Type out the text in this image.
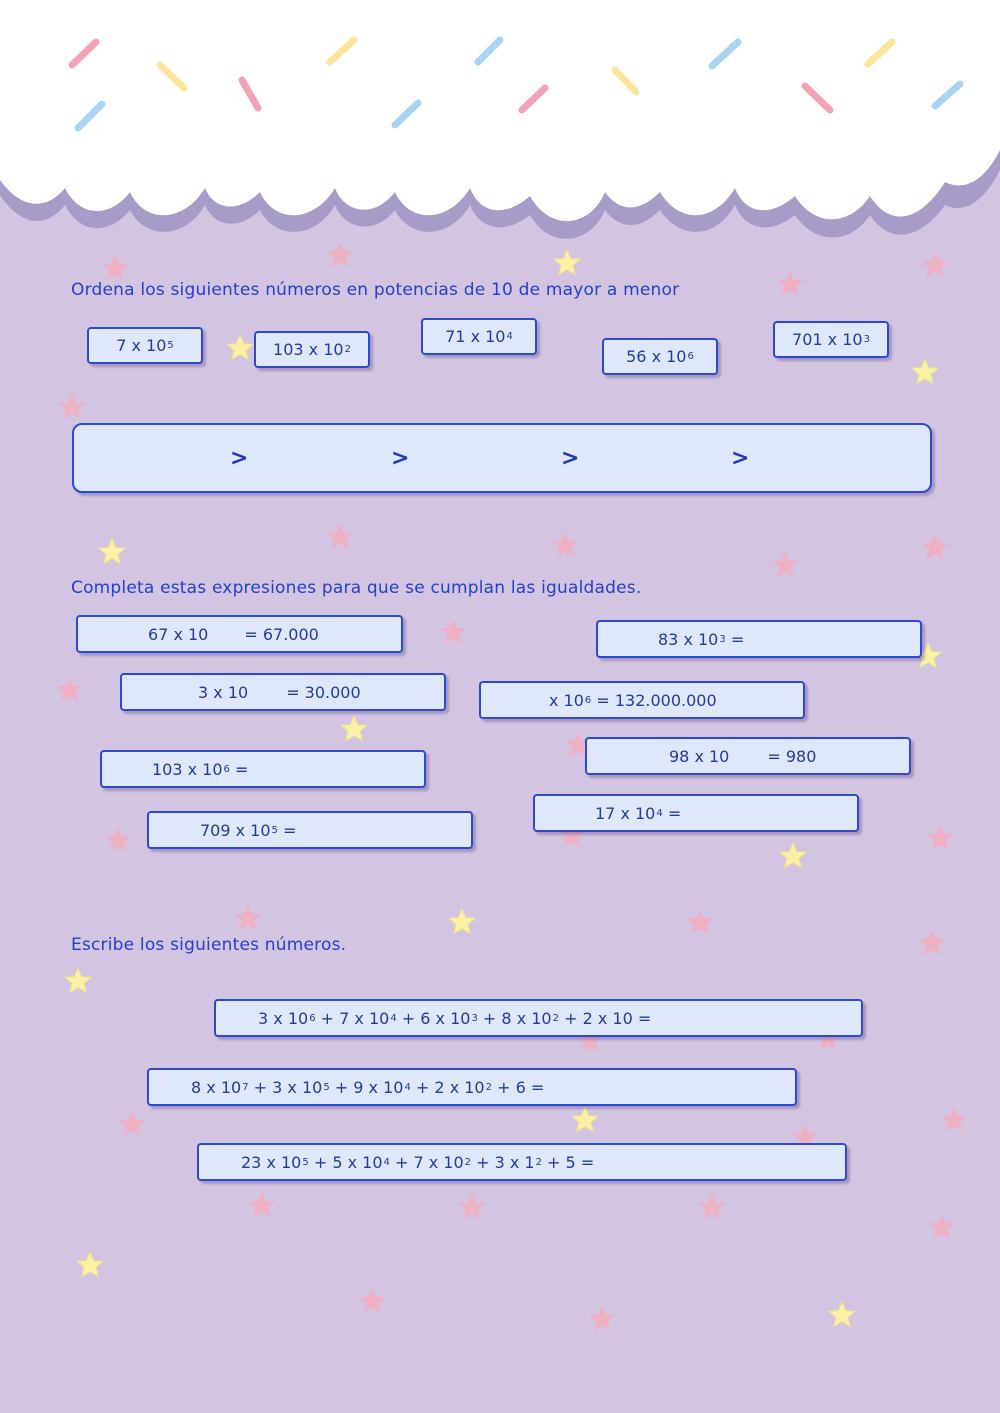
Ordena los siguientes números en potencias de 10 de mayor a menor
7 x 10 5	103 x 10 2
71 x 10 4
56 x 10 6
701 x 10 3
>	>	>	>
Completa estas expresiones para que se cumplan las igualdades.
67 x 10 = 67.000	83 x 10 3 =
3 x 10 = 30.000	x 10 6 = 132.000.000
98 x 10 = 980
103 x 10 6 =
17 x 10 4 =
709 x 10 5 =
Escribe los siguientes números.
3 x 10 6 + 7 x 10 4 + 6 x 10 3 + 8 x 10 2 + 2 x 10 =
8 x 10 7 + 3 x 10 5 + 9 x 10 4 + 2 x 10 2 + 6 =
23 x 10 5 + 5 x 10 4 + 7 x 10 2 + 3 x 1 2 + 5 =
